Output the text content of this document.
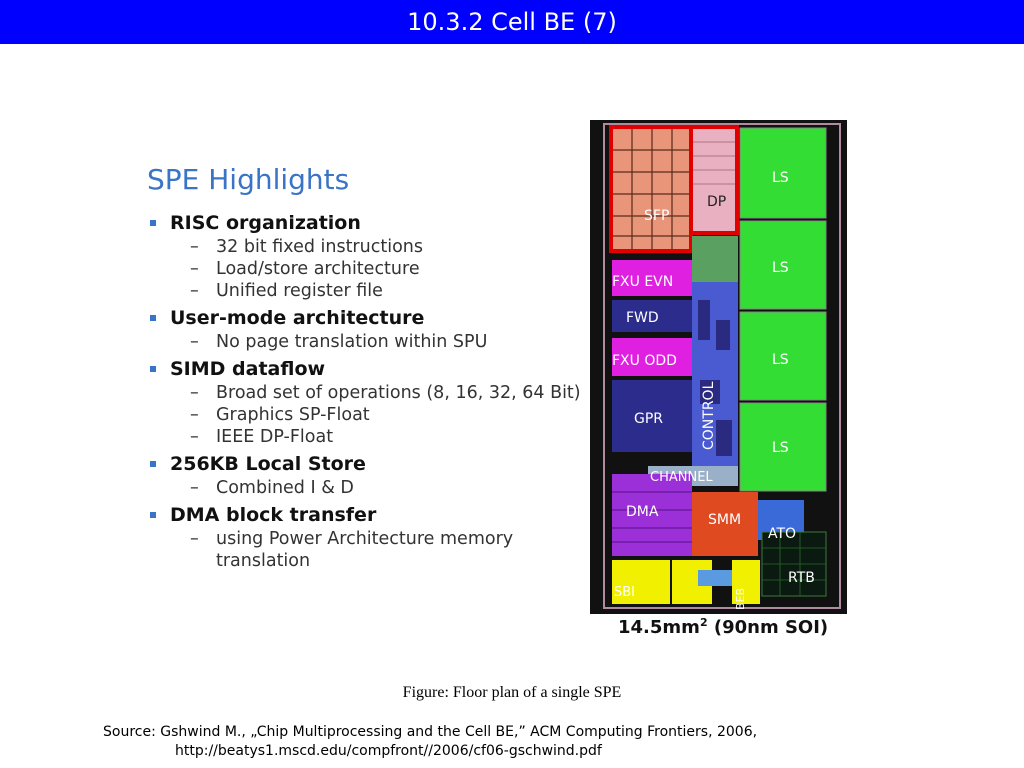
10.3.2 Cell BE (7)
SPE Highlights
RISC organization
– 32 bit fixed instructions
– Load/store architecture
– Unified register file
User-mode architecture
– No page translation within SPU
SIMD dataflow
– Broad set of operations (8, 16, 32, 64 Bit)
– Graphics SP-Float
– IEEE DP-Float
256KB Local Store
– Combined I & D
DMA block transfer
– using Power Architecture memory
translation
SFP
DP
FXU EVN
FWD
FXU ODD
GPR	CONTROL
CHANNEL
DMA	SMM
ATO
RTB
SBI	BEB
LS
LS
LS
LS
$14.5mm^2$ (90nm SOI)
Figure: Floor plan of a single SPE
Source: Gshwind M., „Chip Multiprocessing and the Cell BE,” ACM Computing Frontiers, 2006,
http://beatys1.mscd.edu/compfront//2006/cf06-gschwind.pdf
